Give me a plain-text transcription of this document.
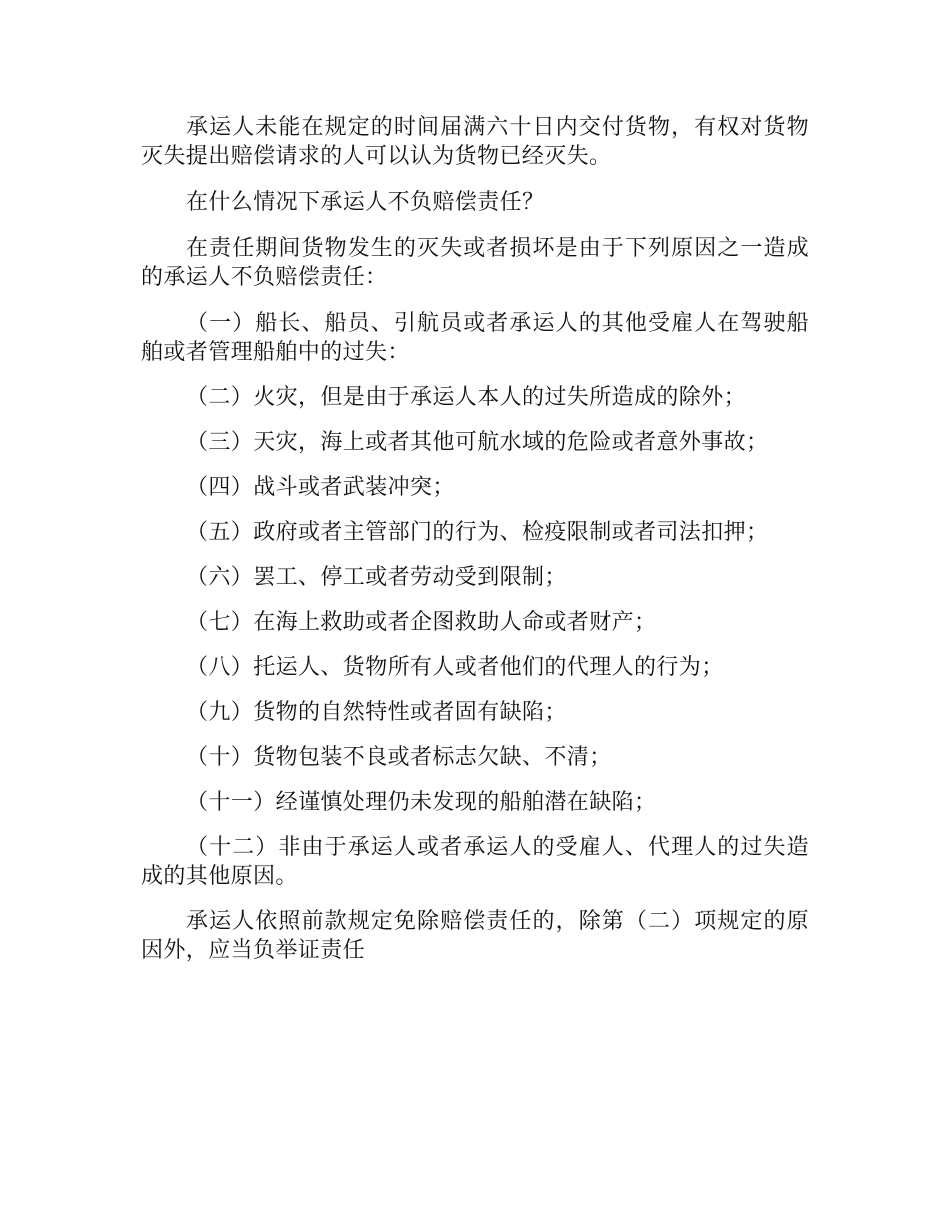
承运人未能在规定的时间届满六十日内交付货物，有权对货物灭失提出赔偿请求的人可以认为货物已经灭失。

在什么情况下承运人不负赔偿责任？

在责任期间货物发生的灭失或者损坏是由于下列原因之一造成的承运人不负赔偿责任：

（一）船长、船员、引航员或者承运人的其他受雇人在驾驶船舶或者管理船舶中的过失：

（二）火灾，但是由于承运人本人的过失所造成的除外；

（三）天灾，海上或者其他可航水域的危险或者意外事故；

（四）战斗或者武装冲突；

（五）政府或者主管部门的行为、检疫限制或者司法扣押；

（六）罢工、停工或者劳动受到限制；

（七）在海上救助或者企图救助人命或者财产；

（八）托运人、货物所有人或者他们的代理人的行为；

（九）货物的自然特性或者固有缺陷；

（十）货物包装不良或者标志欠缺、不清；

（十一）经谨慎处理仍未发现的船舶潜在缺陷；

（十二）非由于承运人或者承运人的受雇人、代理人的过失造成的其他原因。

承运人依照前款规定免除赔偿责任的，除第（二）项规定的原因外，应当负举证责任
